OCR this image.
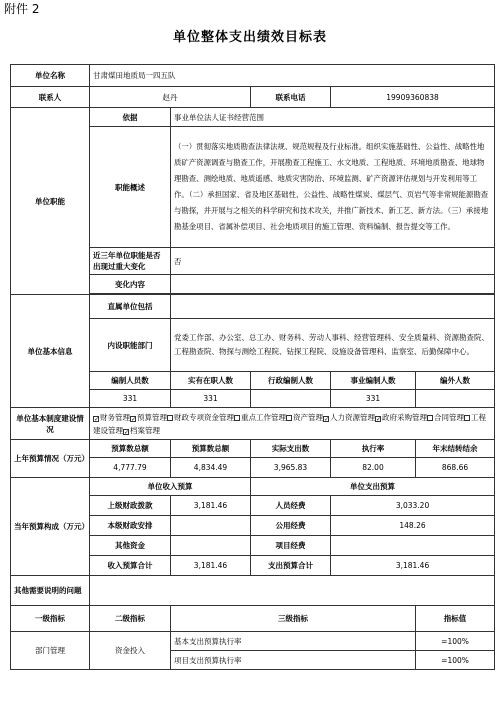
附件 2
单位整体支出绩效目标表
单位名称	甘肃煤田地质局一四五队				
联系人	赵丹		联系电话	19909360838	
单位职能	依据	事业单位法人证书经营范围			
	职能概述	（一）贯彻落实地质勘查法律法规、规范规程及行业标准。组织实施基础性、公益性、战略性地质矿产资源调查与勘查工作，开展勘查工程施工、水文地质、工程地质、环境地质勘查、地球物理勘查、测绘地质、地质遥感、地质灾害防治、环境监测、矿产资源评估规划与开发利用等工作。（二）承担国家、省及地区基础性、公益性、战略性煤炭、煤层气、页岩气等非常规能源勘查与勘探，并开展与之相关的科学研究和技术攻关，并推广新技术、新工艺、新方法。（三）承接地勘基金项目、省属补偿项目、社会地质项目的施工管理、资料编制、报告提交等工作。			
	近三年单位职能是否出现过重大变化	否			
	变化内容				

单位基本信息	直属单位包括				
	内设职能部门	党委工作部、办公室、总工办、财务科、劳动人事科、经营管理科、安全质量科、资源勘查院、工程勘查院、物探与测绘工程院、钻探工程院、设施设备管理科、监察室、后勤保障中心。			
	编制人员数	实有在职人数	行政编制人数	事业编制人数	编外人数
	331	331		331	
单位基本制度建设情况	✓财务管理✓预算管理 财政专项资金管理 重点工作管理 资产管理✓人力资源管理✓政府采购管理 合同管理 工程建设管理✓档案管理				
上年预算情况（万元）	预算数总额	预算数总额	实际支出数	执行率	年末结转结余
	4,777.79	4,834.49	3,965.83	82.00	868.66
当年预算构成（万元）	单位收入预算		单位支出预算		
	上级财政拨款	3,181.46	人员经费	3,033.20	
	本级财政安排		公用经费	148.26	
	其他资金		项目经费		
	收入预算合计	3,181.46	支出预算合计	3,181.46	
其他需要说明的问题					
一级指标	二级指标	三级指标			指标值
部门管理	资金投入	基本支出预算执行率			=100%
		项目支出预算执行率			=100%
